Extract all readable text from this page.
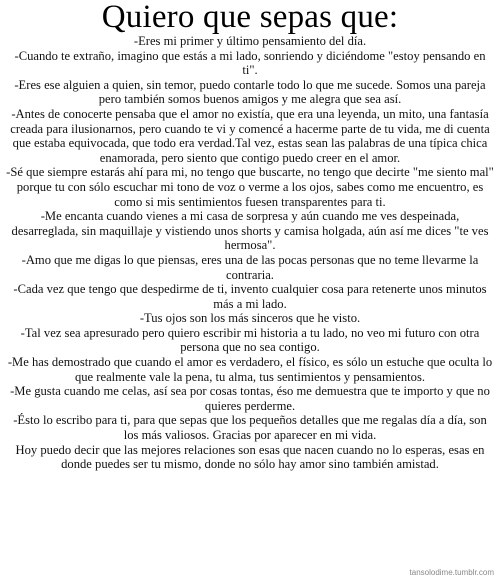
Quiero que sepas que:

-Eres mi primer y último pensamiento del día.

-Cuando te extraño, imagino que estás a mi lado, sonriendo y diciéndome "estoy pensando en ti".

-Eres ese alguien a quien, sin temor, puedo contarle todo lo que me sucede. Somos una pareja pero también somos buenos amigos y me alegra que sea así.

-Antes de conocerte pensaba que el amor no existía, que era una leyenda, un mito, una fantasía creada para ilusionarnos, pero cuando te vi y comencé a hacerme parte de tu vida, me di cuenta que estaba equivocada, que todo era verdad.Tal vez, estas sean las palabras de una típica chica enamorada, pero siento que contigo puedo creer en el amor.

-Sé que siempre estarás ahí para mi, no tengo que buscarte, no tengo que decirte "me siento mal" porque tu con sólo escuchar mi tono de voz o verme a los ojos, sabes como me encuentro, es como si mis sentimientos fuesen transparentes para ti.

-Me encanta cuando vienes a mi casa de sorpresa y aún cuando me ves despeinada, desarreglada, sin maquillaje y vistiendo unos shorts y camisa holgada, aún así me dices "te ves hermosa".

-Amo que me digas lo que piensas, eres una de las pocas personas que no teme llevarme la contraria.

-Cada vez que tengo que despedirme de ti, invento cualquier cosa para retenerte unos minutos más a mi lado.

-Tus ojos son los más sinceros que he visto.

-Tal vez sea apresurado pero quiero escribir mi historia a tu lado, no veo mi futuro con otra persona que no sea contigo.

-Me has demostrado que cuando el amor es verdadero, el físico, es sólo un estuche que oculta lo que realmente vale la pena, tu alma, tus sentimientos y pensamientos.

-Me gusta cuando me celas, así sea por cosas tontas, éso me demuestra que te importo y que no quieres perderme.

-Ésto lo escribo para ti, para que sepas que los pequeños detalles que me regalas día a día, son los más valiosos. Gracias por aparecer en mi vida.

Hoy puedo decir que las mejores relaciones son esas que nacen cuando no lo esperas, esas en donde puedes ser tu mismo, donde no sólo hay amor sino también amistad.

tansolodime.tumblr.com
